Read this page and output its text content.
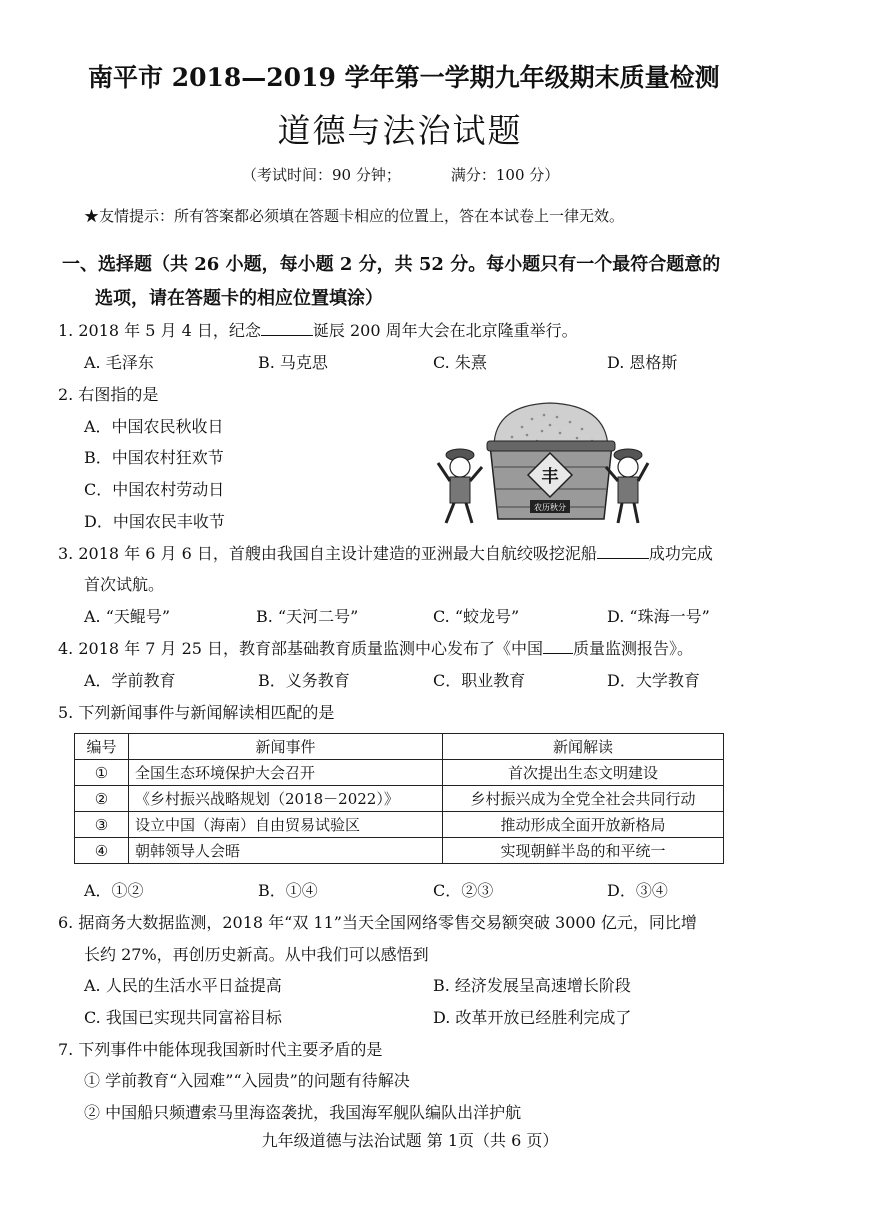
南平市 2018—2019 学年第一学期九年级期末质量检测
道德与法治试题
（考试时间：90 分钟；	满分：100 分）
★友情提示：所有答案都必须填在答题卡相应的位置上，答在本试卷上一律无效。
一、选择题（共 26 小题，每小题 2 分，共 52 分。每小题只有一个最符合题意的
选项，请在答题卡的相应位置填涂）
1. 2018 年 5 月 4 日，纪念	诞辰 200 周年大会在北京隆重举行。
A. 毛泽东	B. 马克思	C. 朱熹	D. 恩格斯
2. 右图指的是
A．中国农民秋收日
B．中国农村狂欢节
C．中国农村劳动日
D．中国农民丰收节
丰
农历秋分
3. 2018 年 6 月 6 日，首艘由我国自主设计建造的亚洲最大自航绞吸挖泥船	成功完成
首次试航。
A. “天鲲号”	B. “天河二号”	C. “蛟龙号”	D. “珠海一号”
4. 2018 年 7 月 25 日，教育部基础教育质量监测中心发布了《中国 质量监测报告》。
A．学前教育	B．义务教育	C．职业教育	D．大学教育
5. 下列新闻事件与新闻解读相匹配的是
编号	新闻事件	新闻解读
①	全国生态环境保护大会召开	首次提出生态文明建设
②	《乡村振兴战略规划（2018－2022）》	乡村振兴成为全党全社会共同行动
③	设立中国（海南）自由贸易试验区	推动形成全面开放新格局
④	朝韩领导人会晤	实现朝鲜半岛的和平统一
A．①②	B．①④	C．②③	D．③④
6. 据商务大数据监测，2018 年“双 11”当天全国网络零售交易额突破 3000 亿元，同比增
长约 27%，再创历史新高。从中我们可以感悟到
A. 人民的生活水平日益提高	B. 经济发展呈高速增长阶段
C. 我国已实现共同富裕目标	D. 改革开放已经胜利完成了
7. 下列事件中能体现我国新时代主要矛盾的是
① 学前教育“入园难”“入园贵”的问题有待解决
② 中国船只频遭索马里海盗袭扰，我国海军舰队编队出洋护航
九年级道德与法治试题 第 1页（共 6 页）
